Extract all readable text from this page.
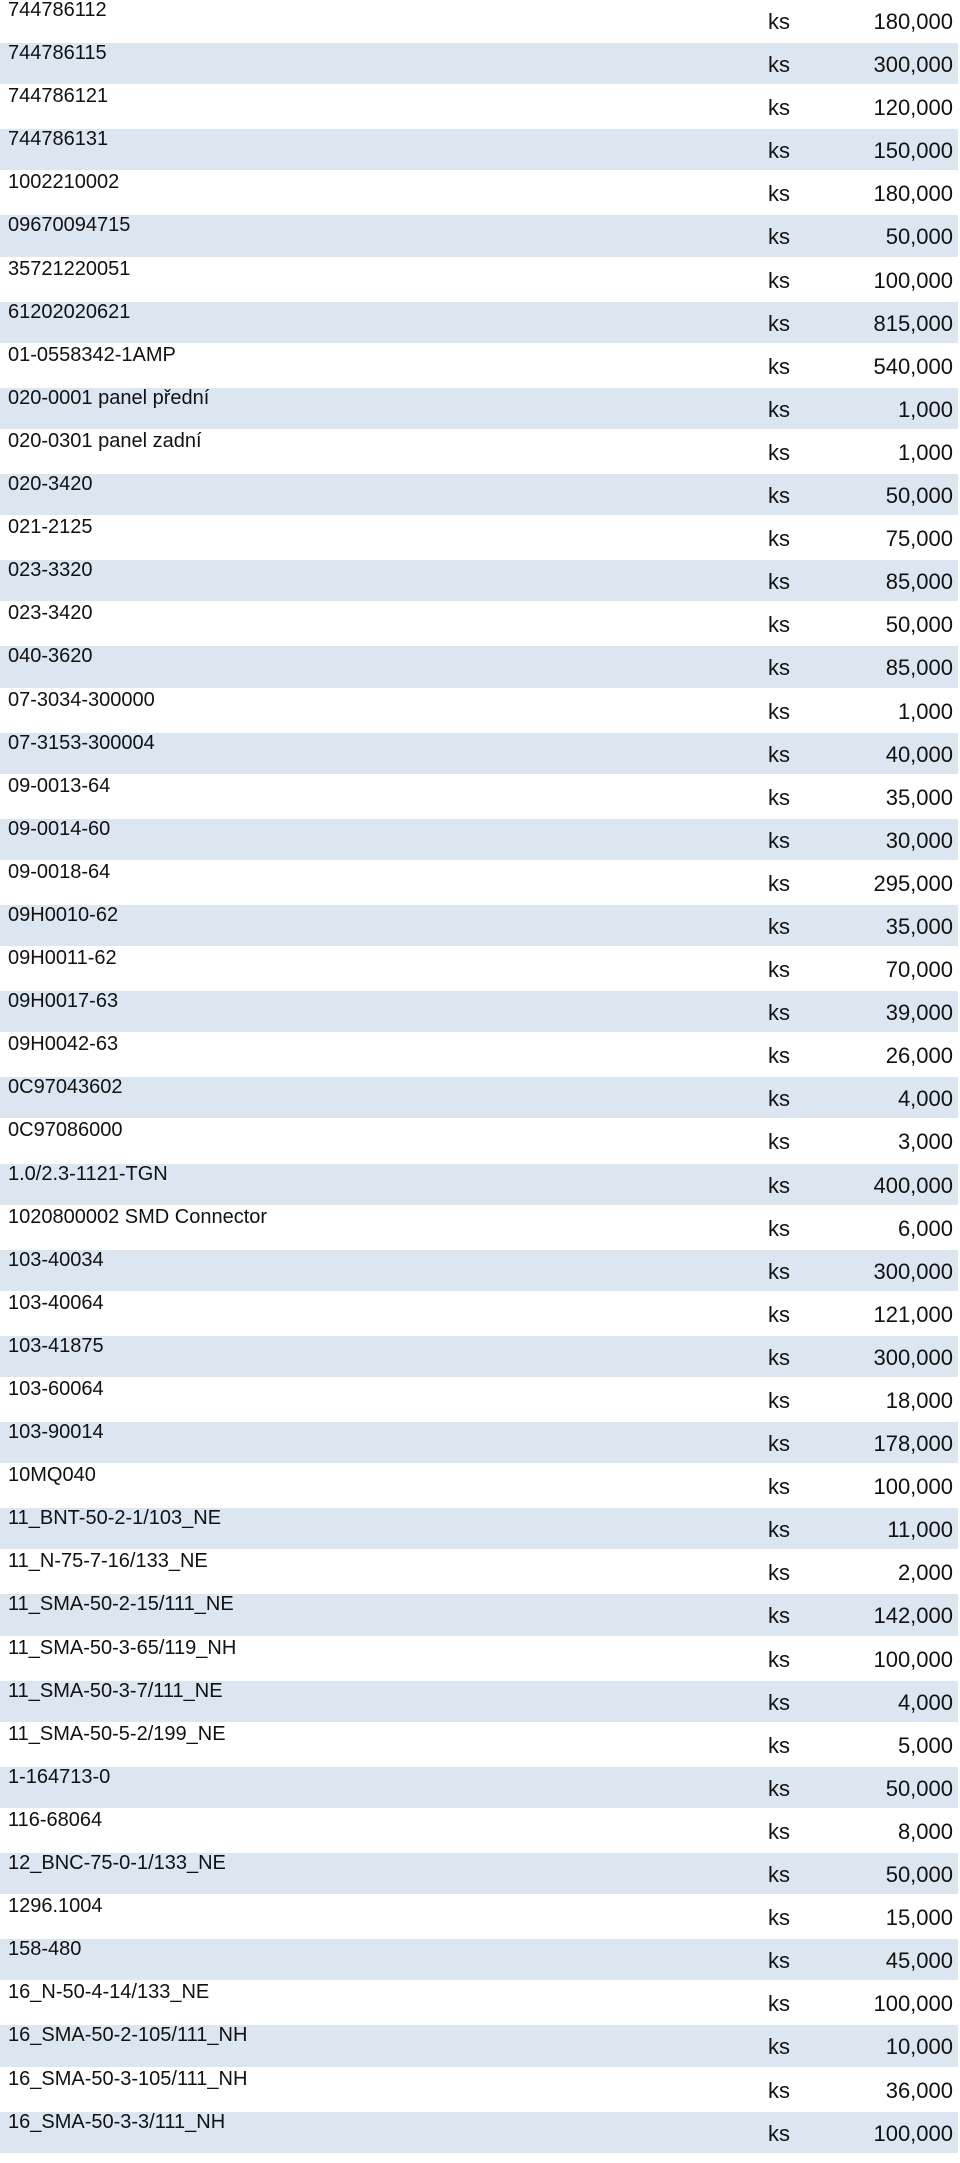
744786112	ks	180,000
744786115	ks	300,000
744786121	ks	120,000
744786131	ks	150,000
1002210002	ks	180,000
09670094715	ks	50,000
35721220051	ks	100,000
61202020621	ks	815,000
01-0558342-1AMP	ks	540,000
020-0001 panel přední	ks	1,000
020-0301 panel zadní	ks	1,000
020-3420	ks	50,000
021-2125	ks	75,000
023-3320	ks	85,000
023-3420	ks	50,000
040-3620	ks	85,000
07-3034-300000	ks	1,000
07-3153-300004	ks	40,000
09-0013-64	ks	35,000
09-0014-60	ks	30,000
09-0018-64	ks	295,000
09H0010-62	ks	35,000
09H0011-62	ks	70,000
09H0017-63	ks	39,000
09H0042-63	ks	26,000
0C97043602	ks	4,000
0C97086000	ks	3,000
1.0/2.3-1121-TGN	ks	400,000
1020800002 SMD Connector	ks	6,000
103-40034	ks	300,000
103-40064	ks	121,000
103-41875	ks	300,000
103-60064	ks	18,000
103-90014	ks	178,000
10MQ040	ks	100,000
11_BNT-50-2-1/103_NE	ks	11,000
11_N-75-7-16/133_NE	ks	2,000
11_SMA-50-2-15/111_NE	ks	142,000
11_SMA-50-3-65/119_NH	ks	100,000
11_SMA-50-3-7/111_NE	ks	4,000
11_SMA-50-5-2/199_NE	ks	5,000
1-164713-0	ks	50,000
116-68064	ks	8,000
12_BNC-75-0-1/133_NE	ks	50,000
1296.1004	ks	15,000
158-480	ks	45,000
16_N-50-4-14/133_NE	ks	100,000
16_SMA-50-2-105/111_NH	ks	10,000
16_SMA-50-3-105/111_NH	ks	36,000
16_SMA-50-3-3/111_NH	ks	100,000
